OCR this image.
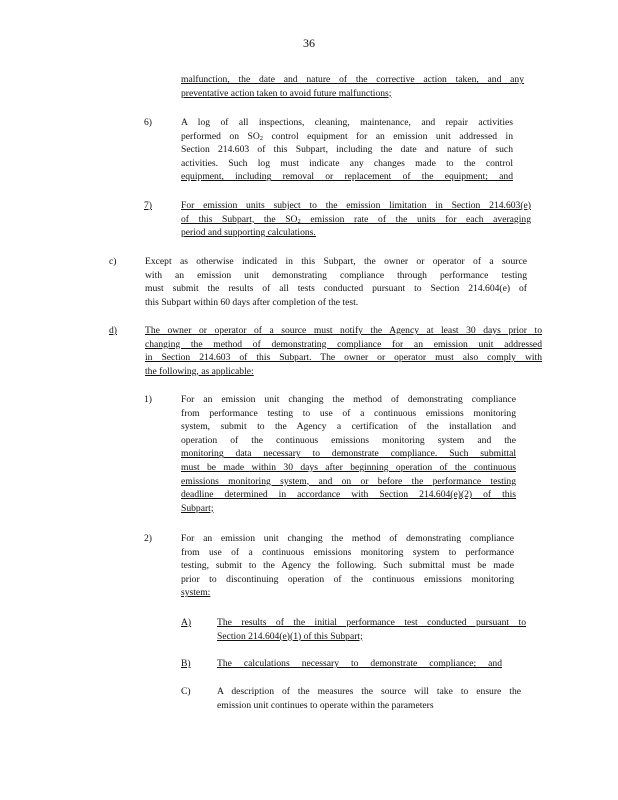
36
malfunction, the date and nature of the corrective action taken, and any
preventative action taken to avoid future malfunctions;
6)	A log of all inspections, cleaning, maintenance, and repair activities
performed on $SO_2$ control equipment for an emission unit addressed in
Section 214.603 of this Subpart, including the date and nature of such
activities. Such log must indicate any changes made to the control
equipment, including removal or replacement of the equipment; and
7)	For emission units subject to the emission limitation in Section 214.603(e)
of this Subpart, the $SO_2$ emission rate of the units for each averaging
period and supporting calculations.
c)	Except as otherwise indicated in this Subpart, the owner or operator of a source
with an emission unit demonstrating compliance through performance testing
must submit the results of all tests conducted pursuant to Section 214.604(e) of
this Subpart within 60 days after completion of the test.
d)	The owner or operator of a source must notify the Agency at least 30 days prior to
changing the method of demonstrating compliance for an emission unit addressed
in Section 214.603 of this Subpart. The owner or operator must also comply with
the following, as applicable:
1)	For an emission unit changing the method of demonstrating compliance
from performance testing to use of a continuous emissions monitoring
system, submit to the Agency a certification of the installation and
operation of the continuous emissions monitoring system and the
monitoring data necessary to demonstrate compliance. Such submittal
must be made within 30 days after beginning operation of the continuous
emissions monitoring system, and on or before the performance testing
deadline determined in accordance with Section 214.604(e)(2) of this
Subpart;
2)	For an emission unit changing the method of demonstrating compliance
from use of a continuous emissions monitoring system to performance
testing, submit to the Agency the following. Such submittal must be made
prior to discontinuing operation of the continuous emissions monitoring
system:
A)	The results of the initial performance test conducted pursuant to
Section 214.604(e)(1) of this Subpart;
B)	The calculations necessary to demonstrate compliance; and
C)	A description of the measures the source will take to ensure the
emission unit continues to operate within the parameters
